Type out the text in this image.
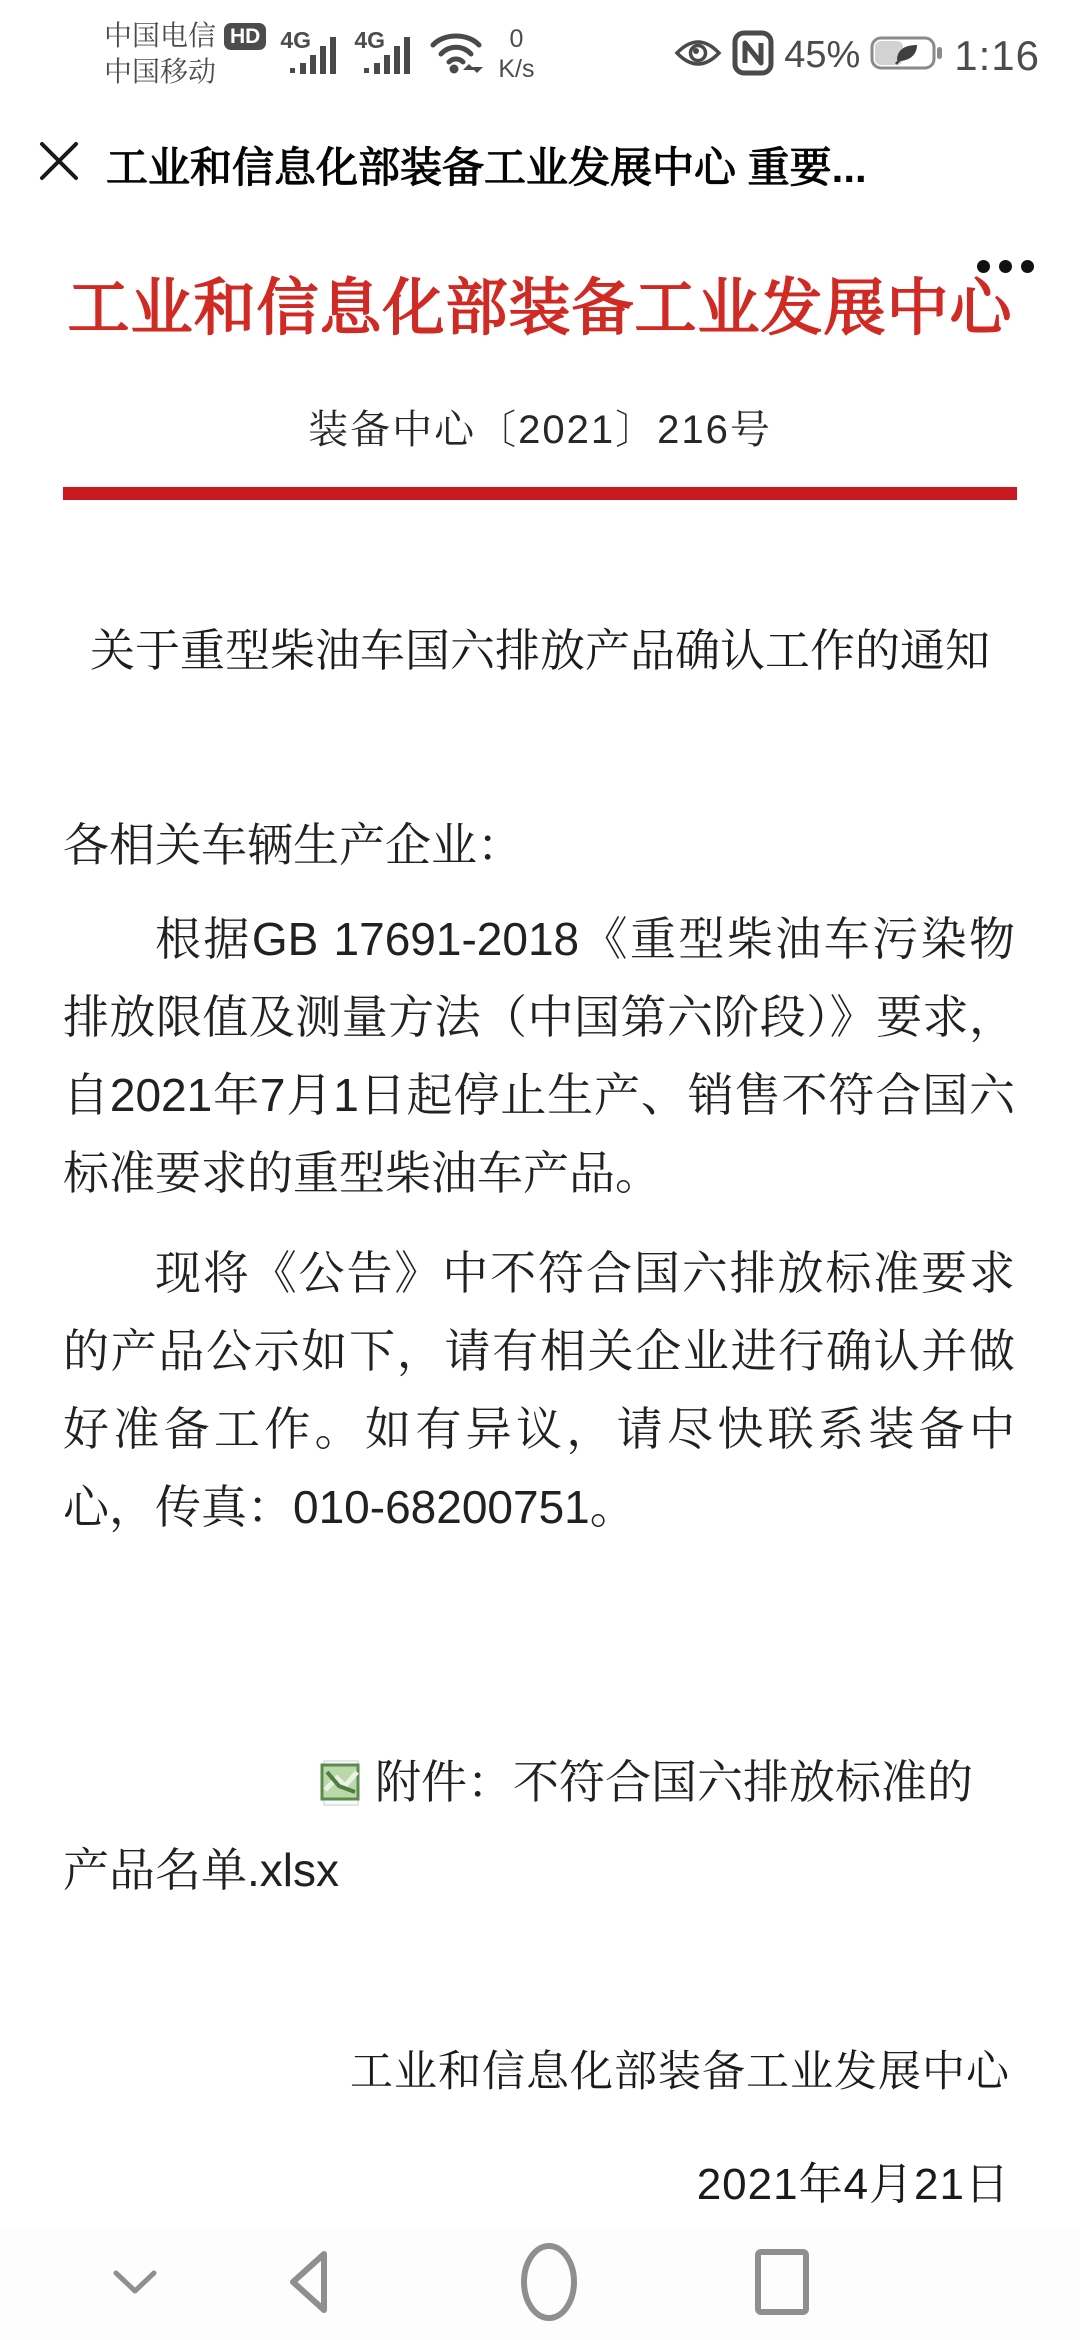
中国电信 HD
中国移动
4G 4G	0
K/s	45% 1:16
工业和信息化部装备工业发展中心 重要...
工业和信息化部装备工业发展中心
装备中心〔2021〕216号
关于重型柴油车国六排放产品确认工作的通知

各相关车辆生产企业：

根据GB 17691-2018《重型柴油车污染物排放限值及测量方法（中国第六阶段）》要求，自2021年7月1日起停止生产、销售不符合国六标准要求的重型柴油车产品。

现将《公告》中不符合国六排放标准要求的产品公示如下，请有相关企业进行确认并做好准备工作。如有异议，请尽快联系装备中心，传真：010-68200751。

附件：不符合国六排放标准的产品名单.xlsx
工业和信息化部装备工业发展中心
2021年4月21日
